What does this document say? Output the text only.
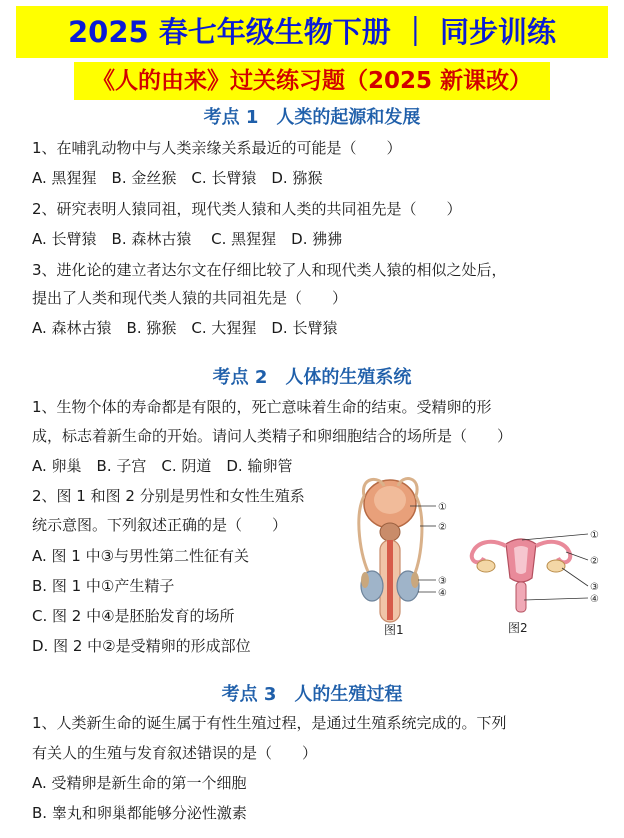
2025 春七年级生物下册 ｜ 同步训练
《人的由来》过关练习题（2025 新课改）
考点 1　人类的起源和发展
1、在哺乳动物中与人类亲缘关系最近的可能是（　　）
A. 黑猩猩　B. 金丝猴　C. 长臂猿　D. 猕猴
2、研究表明人猿同祖，现代类人猿和人类的共同祖先是（　　）
A. 长臂猿　B. 森林古猿　 C. 黑猩猩　D. 狒狒
3、进化论的建立者达尔文在仔细比较了人和现代类人猿的相似之处后，
提出了人类和现代类人猿的共同祖先是（　　）
A. 森林古猿　B. 猕猴　C. 大猩猩　D. 长臂猿
考点 2　人体的生殖系统
1、生物个体的寿命都是有限的，死亡意味着生命的结束。受精卵的形
成，标志着新生命的开始。请问人类精子和卵细胞结合的场所是（　　）
A. 卵巢　B. 子宫　C. 阴道　D. 输卵管
2、图 1 和图 2 分别是男性和女性生殖系
统示意图。下列叙述正确的是（　　）
A. 图 1 中③与男性第二性征有关
B. 图 1 中①产生精子
C. 图 2 中④是胚胎发育的场所
D. 图 2 中②是受精卵的形成部位
①
②
③
④
图1
①
②
③
④
图2
考点 3　人的生殖过程
1、人类新生命的诞生属于有性生殖过程，是通过生殖系统完成的。下列
有关人的生殖与发育叙述错误的是（　　）
A. 受精卵是新生命的第一个细胞
B. 睾丸和卵巢都能够分泌性激素
